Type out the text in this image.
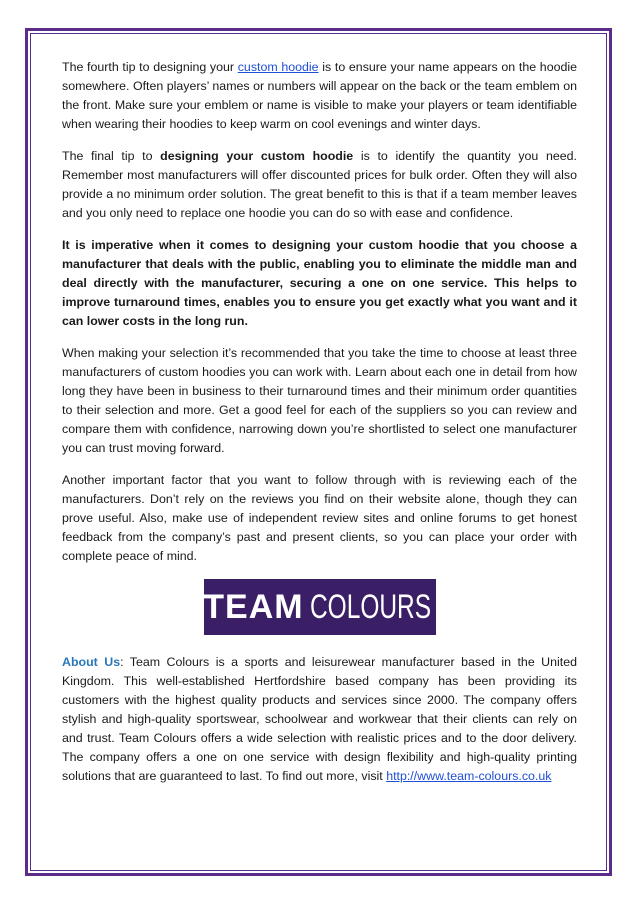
The fourth tip to designing your custom hoodie is to ensure your name appears on the hoodie somewhere. Often players’ names or numbers will appear on the back or the team emblem on the front. Make sure your emblem or name is visible to make your players or team identifiable when wearing their hoodies to keep warm on cool evenings and winter days.

The final tip to designing your custom hoodie is to identify the quantity you need. Remember most manufacturers will offer discounted prices for bulk order. Often they will also provide a no minimum order solution. The great benefit to this is that if a team member leaves and you only need to replace one hoodie you can do so with ease and confidence.

It is imperative when it comes to designing your custom hoodie that you choose a manufacturer that deals with the public, enabling you to eliminate the middle man and deal directly with the manufacturer, securing a one on one service. This helps to improve turnaround times, enables you to ensure you get exactly what you want and it can lower costs in the long run.

When making your selection it’s recommended that you take the time to choose at least three manufacturers of custom hoodies you can work with. Learn about each one in detail from how long they have been in business to their turnaround times and their minimum order quantities to their selection and more. Get a good feel for each of the suppliers so you can review and compare them with confidence, narrowing down you’re shortlisted to select one manufacturer you can trust moving forward.

Another important factor that you want to follow through with is reviewing each of the manufacturers. Don’t rely on the reviews you find on their website alone, though they can prove useful. Also, make use of independent review sites and online forums to get honest feedback from the company’s past and present clients, so you can place your order with complete peace of mind.

TEAM COLOURS

About Us: Team Colours is a sports and leisurewear manufacturer based in the United Kingdom. This well-established Hertfordshire based company has been providing its customers with the highest quality products and services since 2000. The company offers stylish and high-quality sportswear, schoolwear and workwear that their clients can rely on and trust. Team Colours offers a wide selection with realistic prices and to the door delivery. The company offers a one on one service with design flexibility and high-quality printing solutions that are guaranteed to last. To find out more, visit http://www.team-colours.co.uk
